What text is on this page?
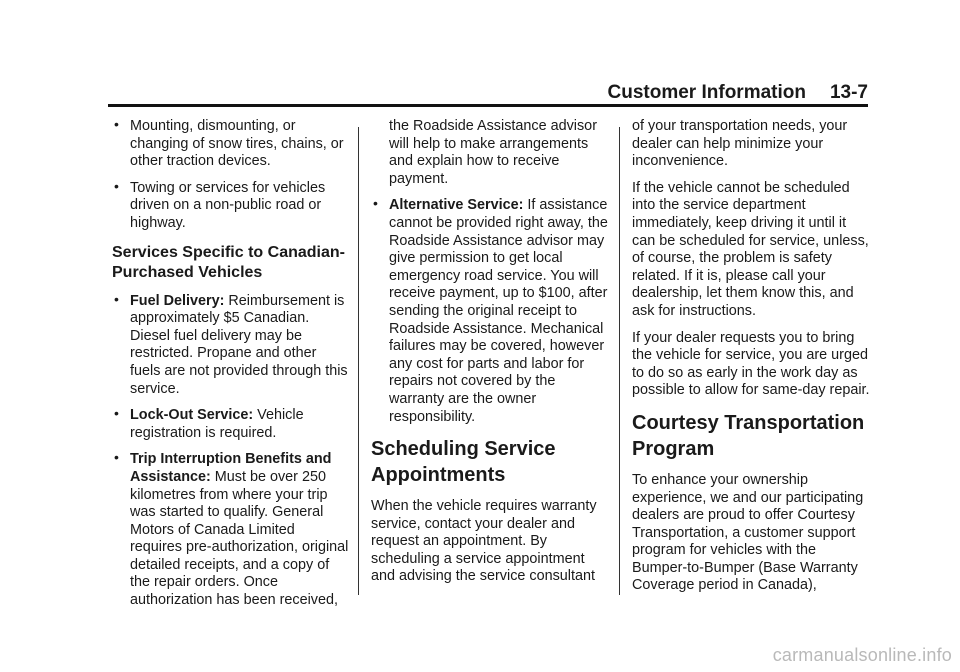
Customer Information 13-7
• Mounting, dismounting, or changing of snow tires, chains, or other traction devices.
• Towing or services for vehicles driven on a non-public road or highway.
Services Specific to Canadian-Purchased Vehicles
• Fuel Delivery: Reimbursement is approximately $5 Canadian. Diesel fuel delivery may be restricted. Propane and other fuels are not provided through this service.
• Lock-Out Service: Vehicle registration is required.
• Trip Interruption Benefits and Assistance: Must be over 250 kilometres from where your trip was started to qualify. General Motors of Canada Limited requires pre-authorization, original detailed receipts, and a copy of the repair orders. Once authorization has been received,
the Roadside Assistance advisor will help to make arrangements and explain how to receive payment.
• Alternative Service: If assistance cannot be provided right away, the Roadside Assistance advisor may give permission to get local emergency road service. You will receive payment, up to $100, after sending the original receipt to Roadside Assistance. Mechanical failures may be covered, however any cost for parts and labor for repairs not covered by the warranty are the owner responsibility.
Scheduling Service Appointments

When the vehicle requires warranty service, contact your dealer and request an appointment. By scheduling a service appointment and advising the service consultant

of your transportation needs, your dealer can help minimize your inconvenience.

If the vehicle cannot be scheduled into the service department immediately, keep driving it until it can be scheduled for service, unless, of course, the problem is safety related. If it is, please call your dealership, let them know this, and ask for instructions.

If your dealer requests you to bring the vehicle for service, you are urged to do so as early in the work day as possible to allow for same-day repair.

Courtesy Transportation Program

To enhance your ownership experience, we and our participating dealers are proud to offer Courtesy Transportation, a customer support program for vehicles with the Bumper-to-Bumper (Base Warranty Coverage period in Canada),

carmanualsonline.info
